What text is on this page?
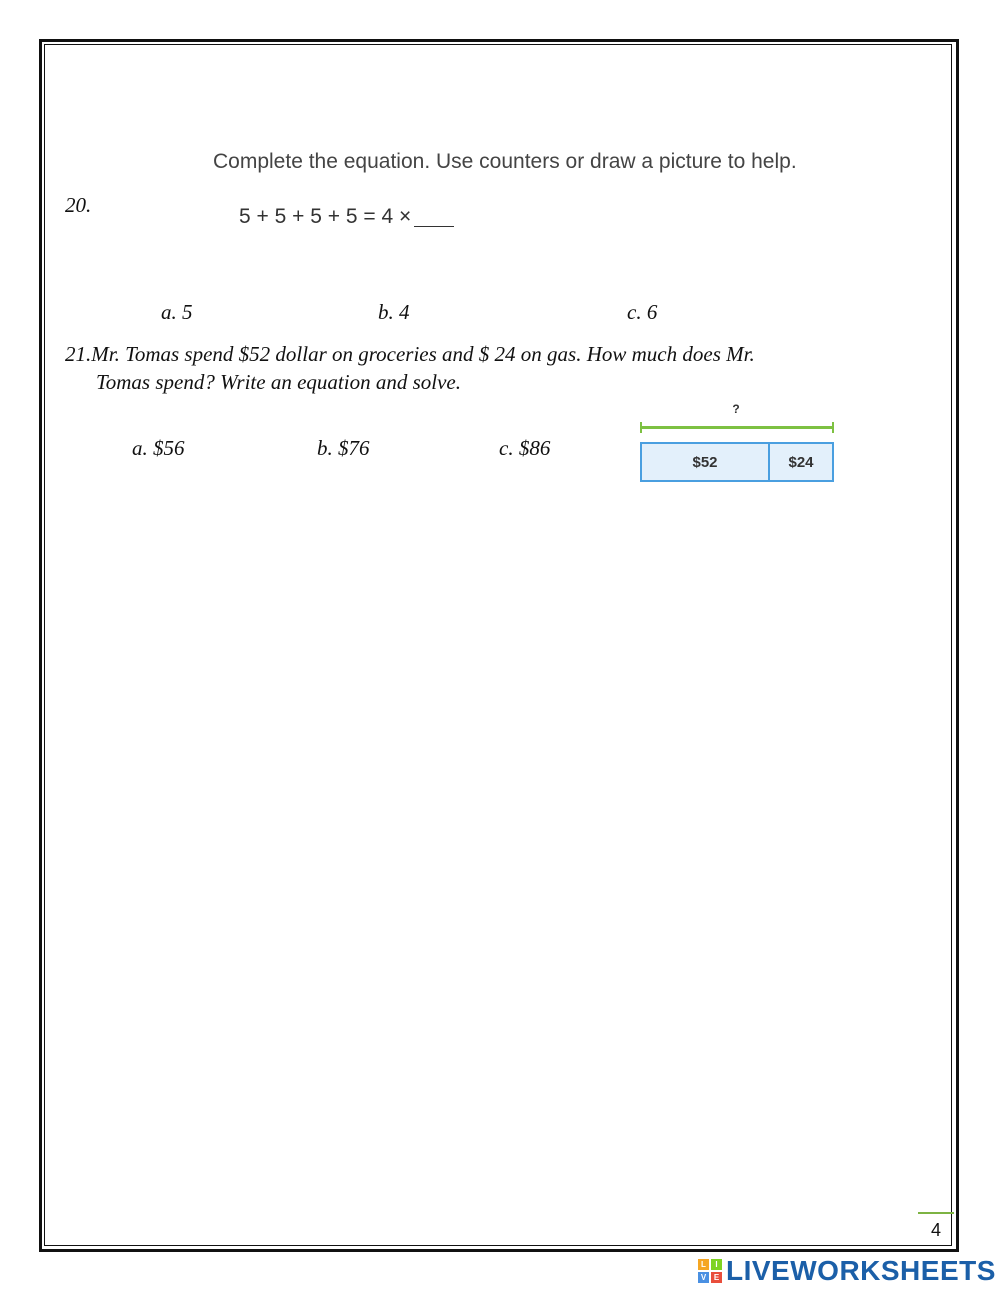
Complete the equation. Use counters or draw a picture to help.
20.	5 + 5 + 5 + 5 = 4 ×
a. 5	b. 4	c. 6
21.Mr. Tomas spend $52 dollar on groceries and $ 24 on gas. How much does Mr.
Tomas spend? Write an equation and solve.
a. $56	b. $76	c. $86
?
$52	$24
4
L	I
V E LIVEWORKSHEETS
